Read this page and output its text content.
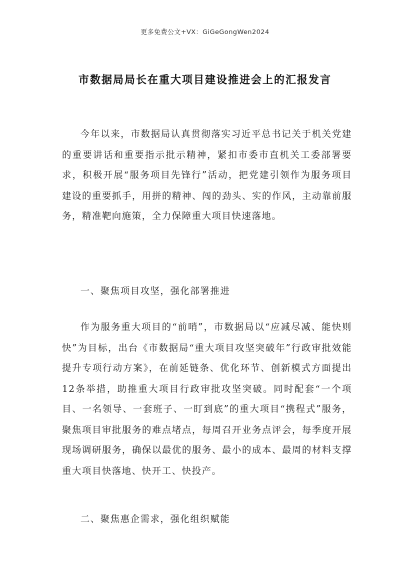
更多免费公文+VX：GiGeGongWen2024
市数据局局长在重大项目建设推进会上的汇报发言

今年以来，市数据局认真贯彻落实习近平总书记关于机关党建的重要讲话和重要指示批示精神，紧扣市委市直机关工委部署要求，积极开展“服务项目先锋行”活动，把党建引领作为服务项目建设的重要抓手，用拼的精神、闯的劲头、实的作风，主动靠前服务，精准靶向施策，全力保障重大项目快速落地。

一、聚焦项目攻坚，强化部署推进

作为服务重大项目的“前哨”，市数据局以“应减尽减、能快则快”为目标，出台《市数据局“重大项目攻坚突破年”行政审批效能提升专项行动方案》，在前延链条、优化环节、创新模式方面提出12条举措，助推重大项目行政审批攻坚突破。同时配套“一个项目、一名领导、一套班子、一盯到底”的重大项目“携程式”服务，聚焦项目审批服务的难点堵点，每周召开业务点评会，每季度开展现场调研服务，确保以最优的服务、最小的成本、最周的材料支撑重大项目快落地、快开工、快投产。

二、聚焦惠企需求，强化组织赋能
